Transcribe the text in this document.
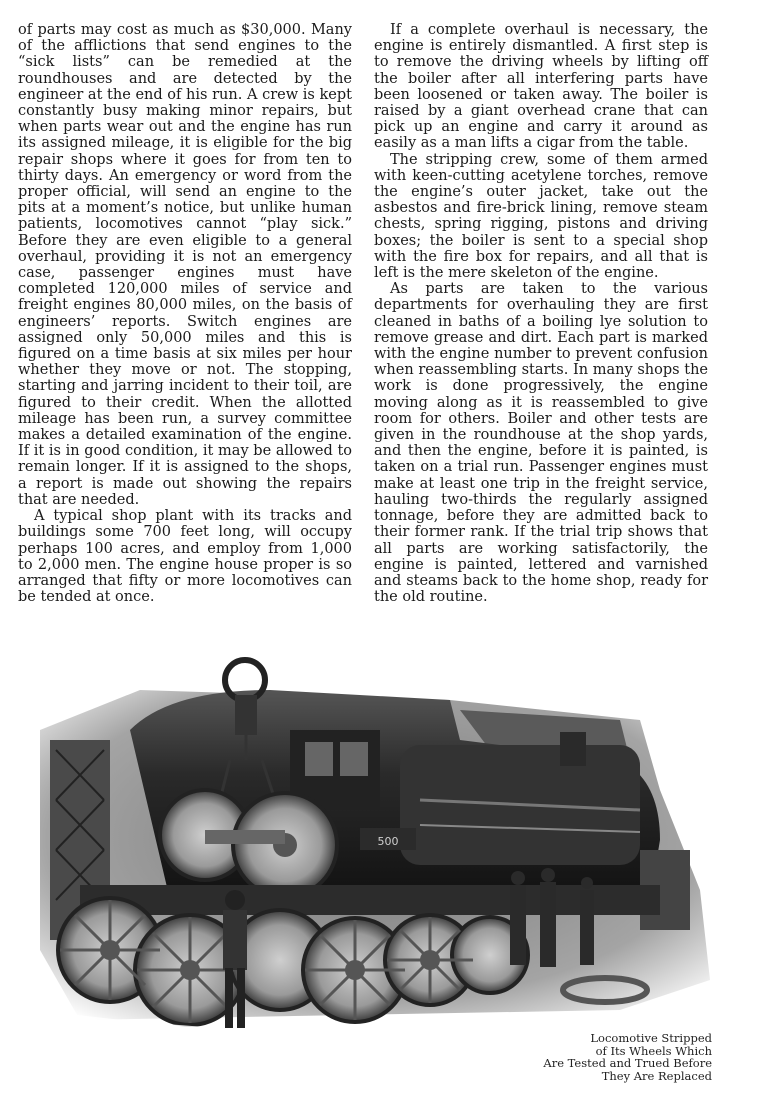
of parts may cost as much as $30,000. Many of the afflictions that send engines to the “sick lists” can be remedied at the roundhouses and are detected by the engineer at the end of his run. A crew is kept constantly busy making minor repairs, but when parts wear out and the engine has run its assigned mileage, it is eligible for the big repair shops where it goes for from ten to thirty days. An emergency or word from the proper official, will send an engine to the pits at a moment’s notice, but unlike human patients, locomotives cannot “play sick.” Before they are even eligible to a general overhaul, providing it is not an emergency case, passenger engines must have completed 120,000 miles of service and freight engines 80,000 miles, on the basis of engineers’ reports. Switch engines are assigned only 50,000 miles and this is figured on a time basis at six miles per hour whether they move or not. The stopping, starting and jarring incident to their toil, are figured to their credit. When the allotted mileage has been run, a survey committee makes a detailed examination of the engine. If it is in good condition, it may be allowed to remain longer. If it is assigned to the shops, a report is made out showing the repairs that are needed.

A typical shop plant with its tracks and buildings some 700 feet long, will occupy perhaps 100 acres, and employ from 1,000 to 2,000 men. The engine house proper is so arranged that fifty or more locomotives can be tended at once.

If a complete overhaul is necessary, the engine is entirely dismantled. A first step is to remove the driving wheels by lifting off the boiler after all interfering parts have been loosened or taken away. The boiler is raised by a giant overhead crane that can pick up an engine and carry it around as easily as a man lifts a cigar from the table.

The stripping crew, some of them armed with keen-cutting acetylene torches, remove the engine’s outer jacket, take out the asbestos and fire-brick lining, remove steam chests, spring rigging, pistons and driving boxes; the boiler is sent to a special shop with the fire box for repairs, and all that is left is the mere skeleton of the engine.

As parts are taken to the various departments for overhauling they are first cleaned in baths of a boiling lye solution to remove grease and dirt. Each part is marked with the engine number to prevent confusion when reassembling starts. In many shops the work is done progressively, the engine moving along as it is reassembled to give room for others. Boiler and other tests are given in the roundhouse at the shop yards, and then the engine, before it is painted, is taken on a trial run. Passenger engines must make at least one trip in the freight service, hauling two-thirds the regularly assigned tonnage, before they are admitted back to their former rank. If the trial trip shows that all parts are working satisfactorily, the engine is painted, lettered and varnished and steams back to the home shop, ready for the old routine.

500
Locomotive Stripped
of Its Wheels Which
Are Tested and Trued Before
They Are Replaced
